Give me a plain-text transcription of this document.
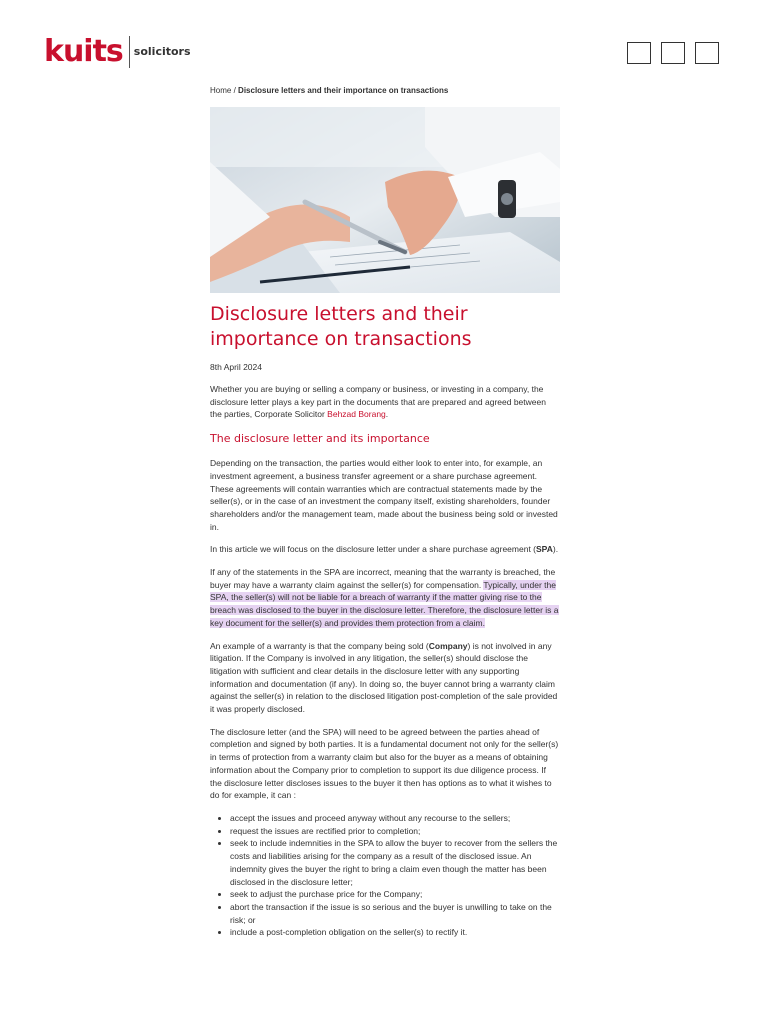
kuits solicitors
Home / Disclosure letters and their importance on transactions
Disclosure letters and their importance on transactions
8th April 2024

Whether you are buying or selling a company or business, or investing in a company, the disclosure letter plays a key part in the documents that are prepared and agreed between the parties, Corporate Solicitor Behzad Borang.

The disclosure letter and its importance

Depending on the transaction, the parties would either look to enter into, for example, an investment agreement, a business transfer agreement or a share purchase agreement. These agreements will contain warranties which are contractual statements made by the seller(s), or in the case of an investment the company itself, existing shareholders, founder shareholders and/or the management team, made about the business being sold or invested in.

In this article we will focus on the disclosure letter under a share purchase agreement (SPA).

If any of the statements in the SPA are incorrect, meaning that the warranty is breached, the buyer may have a warranty claim against the seller(s) for compensation. Typically, under the SPA, the seller(s) will not be liable for a breach of warranty if the matter giving rise to the breach was disclosed to the buyer in the disclosure letter. Therefore, the disclosure letter is a key document for the seller(s) and provides them protection from a claim.

An example of a warranty is that the company being sold (Company) is not involved in any litigation. If the Company is involved in any litigation, the seller(s) should disclose the litigation with sufficient and clear details in the disclosure letter with any supporting information and documentation (if any). In doing so, the buyer cannot bring a warranty claim against the seller(s) in relation to the disclosed litigation post-completion of the sale provided it was properly disclosed.

The disclosure letter (and the SPA) will need to be agreed between the parties ahead of completion and signed by both parties. It is a fundamental document not only for the seller(s) in terms of protection from a warranty claim but also for the buyer as a means of obtaining information about the Company prior to completion to support its due diligence process. If the disclosure letter discloses issues to the buyer it then has options as to what it wishes to do for example, it can :

• accept the issues and proceed anyway without any recourse to the sellers;
• request the issues are rectified prior to completion;
• seek to include indemnities in the SPA to allow the buyer to recover from the sellers the costs and liabilities arising for the company as a result of the disclosed issue. An indemnity gives the buyer the right to bring a claim even though the matter has been disclosed in the disclosure letter;
• seek to adjust the purchase price for the Company;
• abort the transaction if the issue is so serious and the buyer is unwilling to take on the risk; or
• include a post-completion obligation on the seller(s) to rectify it.
